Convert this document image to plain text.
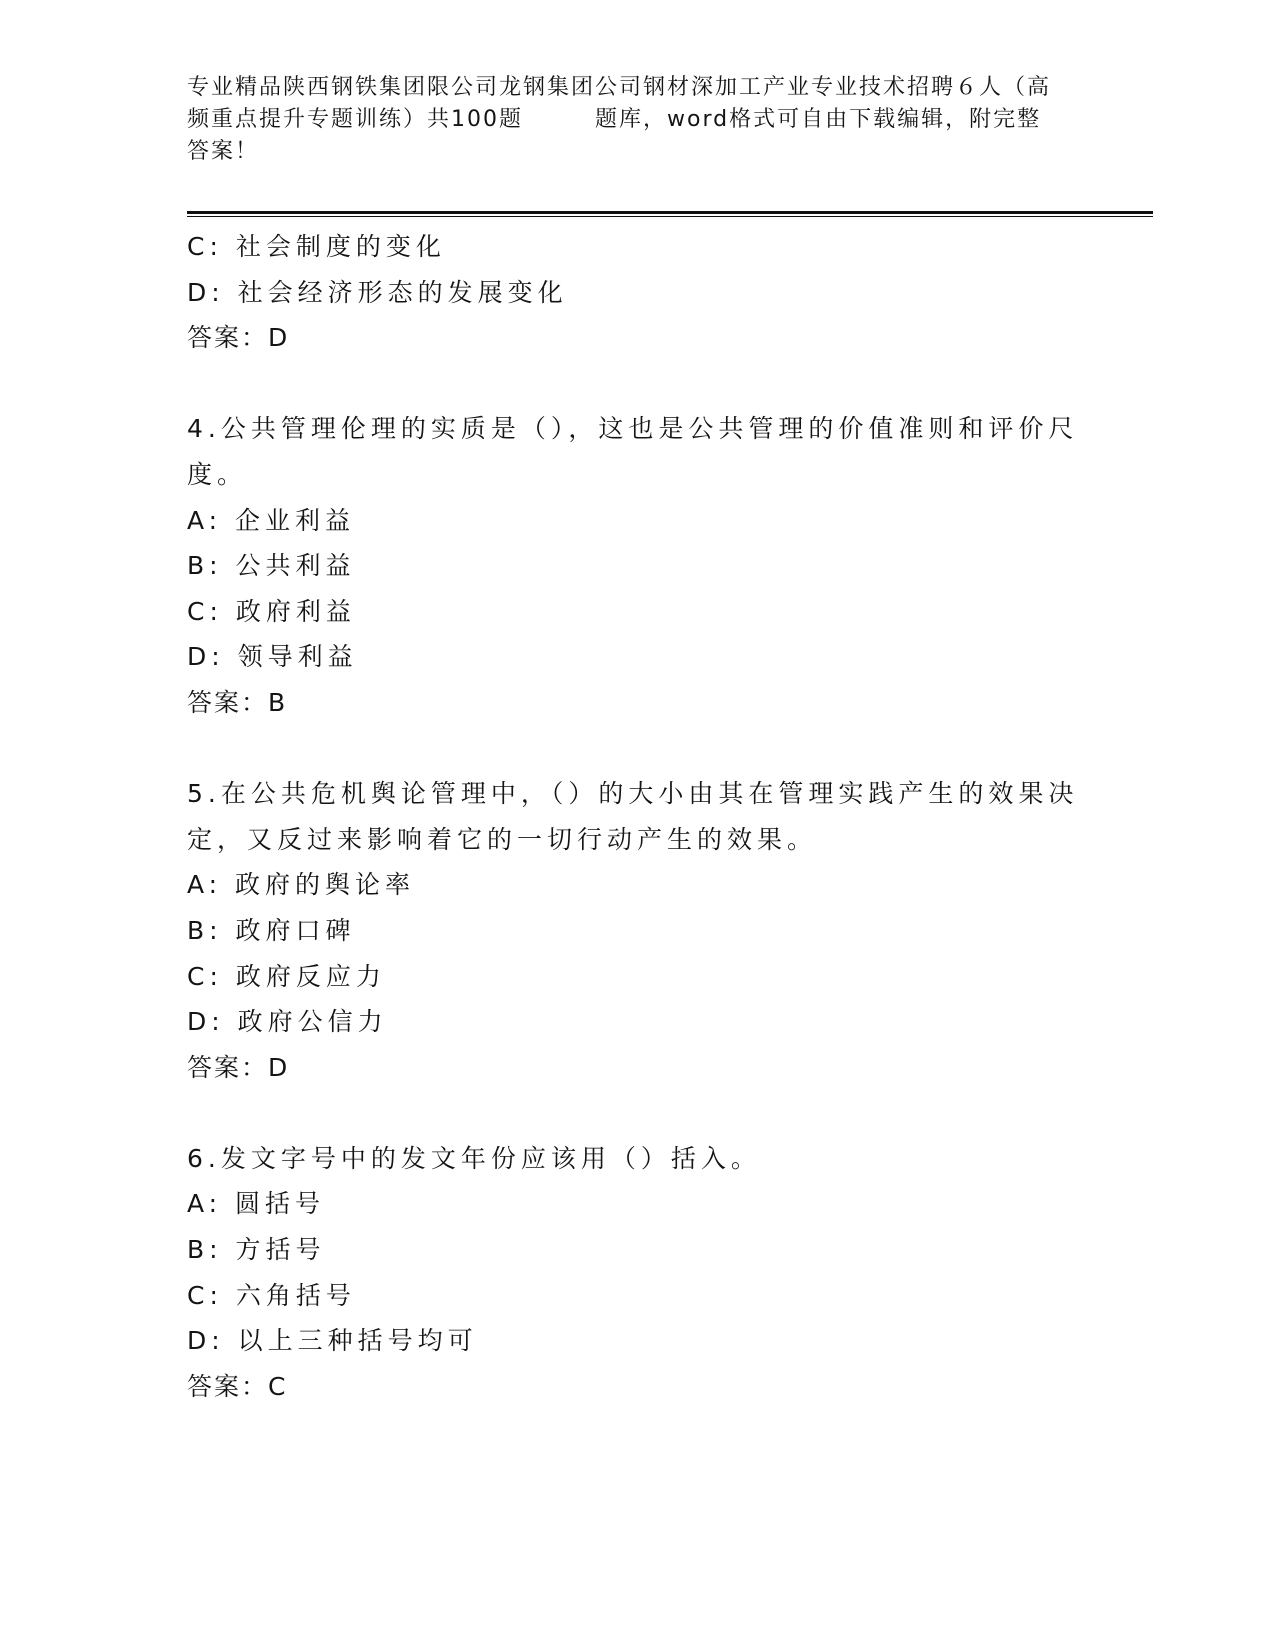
专业精品陕西钢铁集团限公司龙钢集团公司钢材深加工产业专业技术招聘６人（高
频重点提升专题训练）共100题	题库，word格式可自由下载编辑，附完整
答案！
C: 社会制度的变化
D: 社会经济形态的发展变化
答案：D
4.公共管理伦理的实质是（），这也是公共管理的价值准则和评价尺
度。
A: 企业利益
B: 公共利益
C: 政府利益
D: 领导利益
答案：B
5.在公共危机舆论管理中，（）的大小由其在管理实践产生的效果决
定，又反过来影响着它的一切行动产生的效果。
A: 政府的舆论率
B: 政府口碑
C: 政府反应力
D: 政府公信力
答案：D
6.发文字号中的发文年份应该用（）括入。
A: 圆括号
B: 方括号
C: 六角括号
D: 以上三种括号均可
答案：C
